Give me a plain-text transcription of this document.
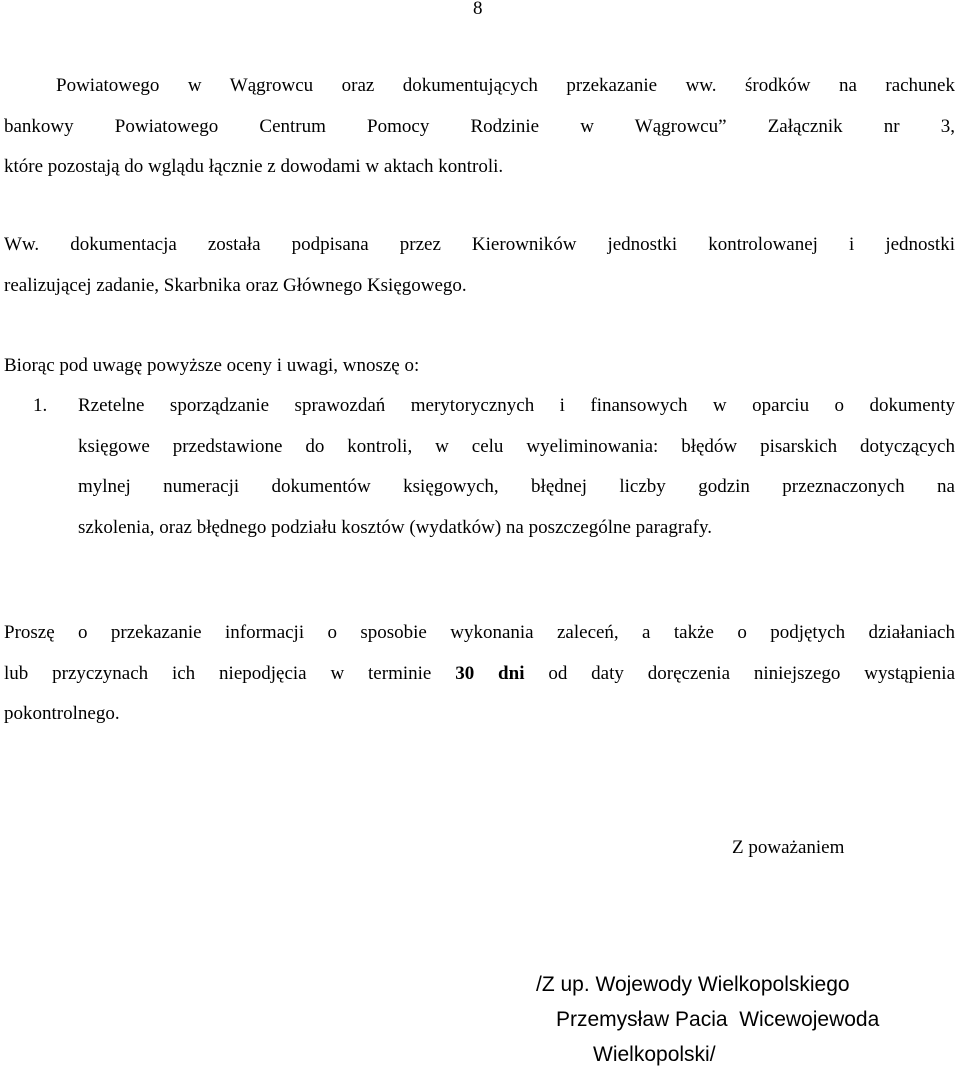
8
Powiatowego w Wągrowcu oraz dokumentujących przekazanie ww. środków na rachunek
bankowy Powiatowego Centrum Pomocy Rodzinie w Wągrowcu” Załącznik nr 3,
które pozostają do wglądu łącznie z dowodami w aktach kontroli.
Ww. dokumentacja została podpisana przez Kierowników jednostki kontrolowanej i jednostki
realizującej zadanie, Skarbnika oraz Głównego Księgowego.
Biorąc pod uwagę powyższe oceny i uwagi, wnoszę o:
1. Rzetelne sporządzanie sprawozdań merytorycznych i finansowych w oparciu o dokumenty
księgowe przedstawione do kontroli, w celu wyeliminowania: błędów pisarskich dotyczących
mylnej numeracji dokumentów księgowych, błędnej liczby godzin przeznaczonych na
szkolenia, oraz błędnego podziału kosztów (wydatków) na poszczególne paragrafy.
Proszę o przekazanie informacji o sposobie wykonania zaleceń, a także o podjętych działaniach
lub przyczynach ich niepodjęcia w terminie 30 dni od daty doręczenia niniejszego wystąpienia
pokontrolnego.
Z poważaniem
/Z up. Wojewody Wielkopolskiego
Przemysław Pacia  Wicewojewoda
Wielkopolski/
